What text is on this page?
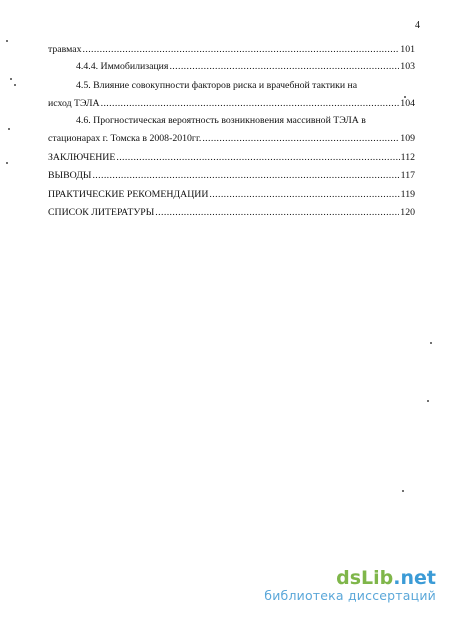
4
травмах .....	101
4.4.4. Иммобилизация .....	103
4.5. Влияние совокупности факторов риска и врачебной тактики на
исход ТЭЛА .....	104
4.6. Прогностическая вероятность возникновения массивной ТЭЛА в
стационарах г. Томска в 2008-2010гг. .....	109
ЗАКЛЮЧЕНИЕ .....	112
ВЫВОДЫ .....	117
ПРАКТИЧЕСКИЕ РЕКОМЕНДАЦИИ .....	119
СПИСОК ЛИТЕРАТУРЫ .....	120
dsLib.net
библиотека диссертаций
